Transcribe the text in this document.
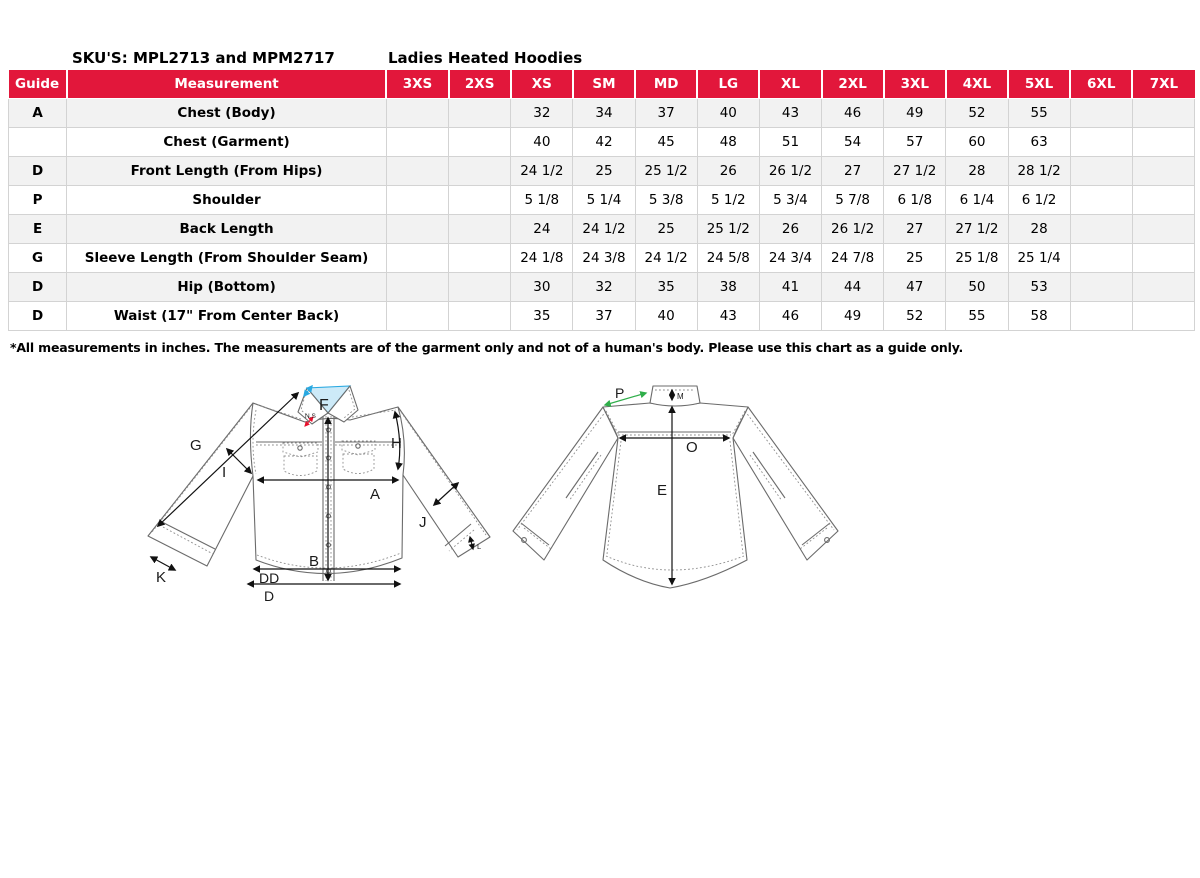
SKU'S: MPL2713 and MPM2717	Ladies Heated Hoodies
Guide	Measurement	3XS	2XS	XS	SM	MD	LG	XL	2XL	3XL	4XL	5XL	6XL	7XL
A	Chest (Body)			32	34	37	40	43	46	49	52	55		
	Chest (Garment)			40	42	45	48	51	54	57	60	63		
D	Front Length (From Hips)			24 1/2	25	25 1/2	26	26 1/2	27	27 1/2	28	28 1/2		
P	Shoulder			5 1/8	5 1/4	5 3/8	5 1/2	5 3/4	5 7/8	6 1/8	6 1/4	6 1/2		
E	Back Length			24	24 1/2	25	25 1/2	26	26 1/2	27	27 1/2	28		
G	Sleeve Length (From Shoulder Seam)			24 1/8	24 3/8	24 1/2	24 5/8	24 3/4	24 7/8	25	25 1/8	25 1/4		
D	Hip (Bottom)			30	32	35	38	41	44	47	50	53		
D	Waist (17" From Center Back)			35	37	40	43	46	49	52	55	58		
*All measurements in inches. The measurements are of the garment only and not of a human's body. Please use this chart as a guide only.
G
I
F
N.S
H
A
J
B
K	DD
D
L
P	M
O
E
